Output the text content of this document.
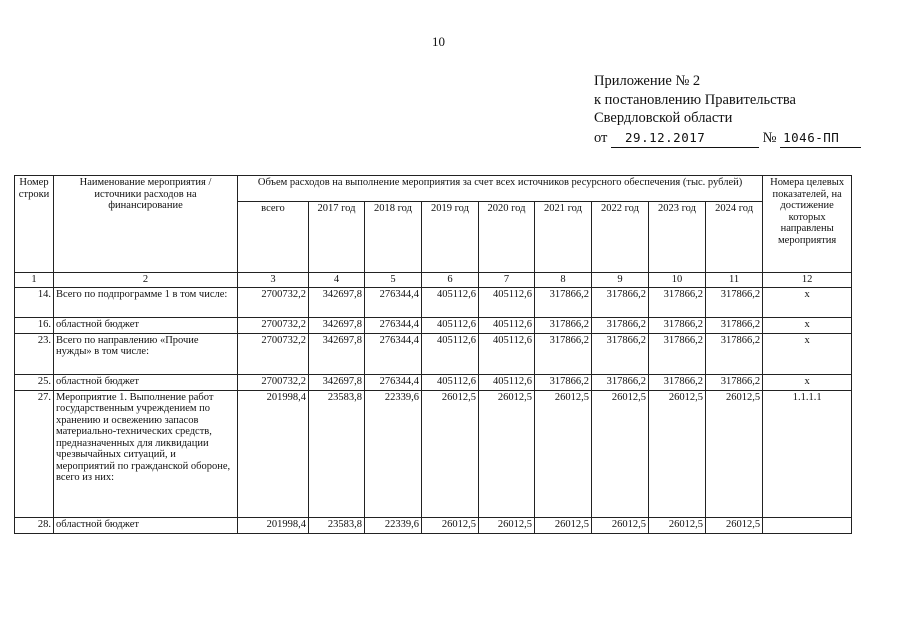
10
Приложение № 2
к постановлению Правительства
Свердловской области
от 29.12.2017	№ 1046-ПП
Номер строки	Наименование мероприятия / источники расходов на финансирование	Объем расходов на выполнение мероприятия за счет всех источников ресурсного обеспечения (тыс. рублей)									Номера целевых показателей, на достижение которых направлены мероприятия
		всего	2017 год	2018 год	2019 год	2020 год	2021 год	2022 год	2023 год	2024 год	
1	2	3	4	5	6	7	8	9	10	11	12
14.	Всего по подпрограмме 1 в том числе:	2700732,2	342697,8	276344,4	405112,6	405112,6	317866,2	317866,2	317866,2	317866,2	x
16.	областной бюджет	2700732,2	342697,8	276344,4	405112,6	405112,6	317866,2	317866,2	317866,2	317866,2	x
23.	Всего по направлению «Прочие нужды» в том числе:	2700732,2	342697,8	276344,4	405112,6	405112,6	317866,2	317866,2	317866,2	317866,2	x
25.	областной бюджет	2700732,2	342697,8	276344,4	405112,6	405112,6	317866,2	317866,2	317866,2	317866,2	x
27.	Мероприятие 1. Выполнение работ государственным учреждением по хранению и освежению запасов материально-технических средств, предназначенных для ликвидации чрезвычайных ситуаций, и мероприятий по гражданской обороне, всего из них:	201998,4	23583,8	22339,6	26012,5	26012,5	26012,5	26012,5	26012,5	26012,5	1.1.1.1
28.	областной бюджет	201998,4	23583,8	22339,6	26012,5	26012,5	26012,5	26012,5	26012,5	26012,5	
